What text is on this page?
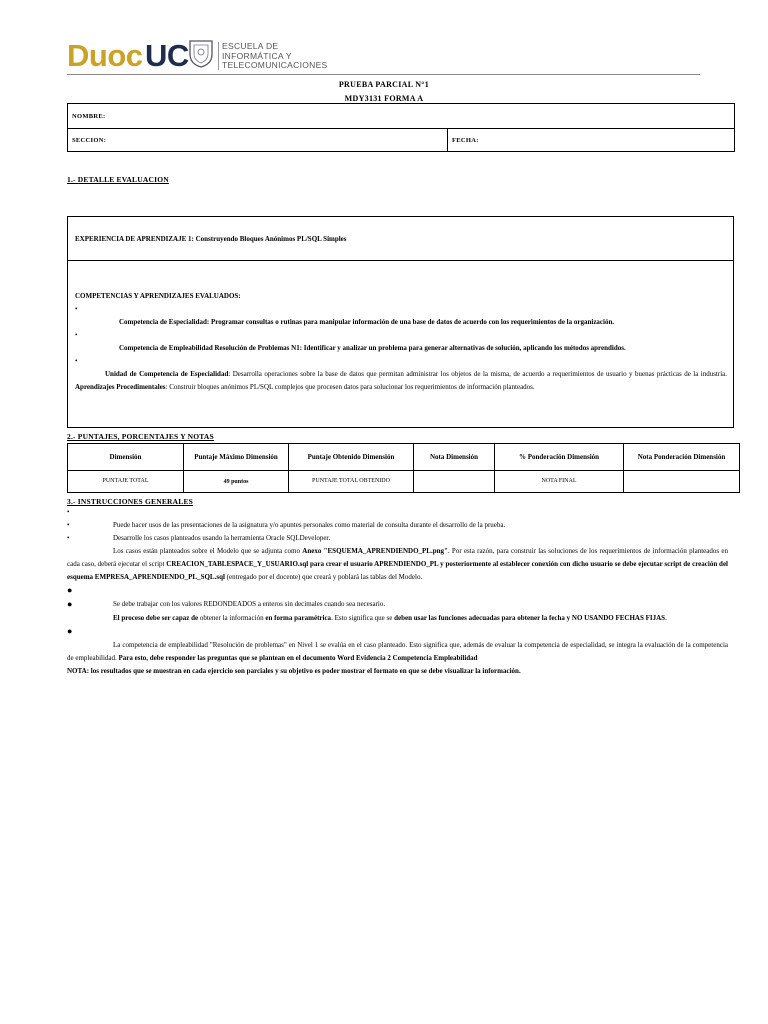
Duoc UC	ESCUELA DE
INFORMÁTICA Y
TELECOMUNICACIONES
PRUEBA PARCIAL N°1
MDY3131 FORMA A
NOMBRE:
SECCION:	FECHA:
1.- DETALLE EVALUACION
EXPERIENCIA DE APRENDIZAJE 1: Construyendo Bloques Anónimos PL/SQL Simples
COMPETENCIAS Y APRENDIZAJES EVALUADOS:
•
Competencia de Especialidad: Programar consultas o rutinas para manipular información de una base de datos de acuerdo con los requerimientos de la organización.
•
Competencia de Empleabilidad Resolución de Problemas N1: Identificar y analizar un problema para generar alternativas de solución, aplicando los métodos aprendidos.
•
Unidad de Competencia de Especialidad: Desarrolla operaciones sobre la base de datos que permitan administrar los objetos de la misma, de acuerdo a requerimientos de usuario y buenas prácticas de la industria. Aprendizajes Procedimentales: Construir bloques anónimos PL/SQL complejos que procesen datos para solucionar los requerimientos de información planteados.
2.- PUNTAJES, PORCENTAJES Y NOTAS
Dimensión	Puntaje Máximo Dimensión	Puntaje Obtenido Dimensión	Nota Dimensión	% Ponderación Dimensión	Nota Ponderación Dimensión
PUNTAJE TOTAL	49 puntos	PUNTAJE TOTAL OBTENIDO		NOTA FINAL	
3.- INSTRUCCIONES GENERALES
•
Puede hacer usos de las presentaciones de la asignatura y/o apuntes personales como material de consulta durante el desarrollo de la prueba.
•
Desarrolle los casos planteados usando la herramienta Oracle SQLDeveloper.
•
Los casos están planteados sobre el Modelo que se adjunta como Anexo "ESQUEMA_APRENDIENDO_PL.png". Por esta razón, para construir las soluciones de los requerimientos de información planteados en cada caso, deberá ejecutar el script CREACION_TABLESPACE_Y_USUARIO.sql para crear el usuario APRENDIENDO_PL y posteriormente al establecer conexión con dicho usuario se debe ejecutar script de creación del esquema EMPRESA_APRENDIENDO_PL_SQL.sql (entregado por el docente) que creará y poblará las tablas del Modelo.
●
Se debe trabajar con los valores REDONDEADOS a enteros sin decimales cuando sea necesario.
●
El proceso debe ser capaz de obtener la información en forma paramétrica. Esto significa que se deben usar las funciones adecuadas para obtener la fecha y NO USANDO FECHAS FIJAS.
●
La competencia de empleabilidad "Resolución de problemas" en Nivel 1 se evalúa en el caso planteado. Esto significa que, además de evaluar la competencia de especialidad, se integra la evaluación de la competencia de empleabilidad. Para esto, debe responder las preguntas que se plantean en el documento Word Evidencia 2 Competencia Empleabilidad
NOTA: los resultados que se muestran en cada ejercicio son parciales y su objetivo es poder mostrar el formato en que se debe visualizar la información.
